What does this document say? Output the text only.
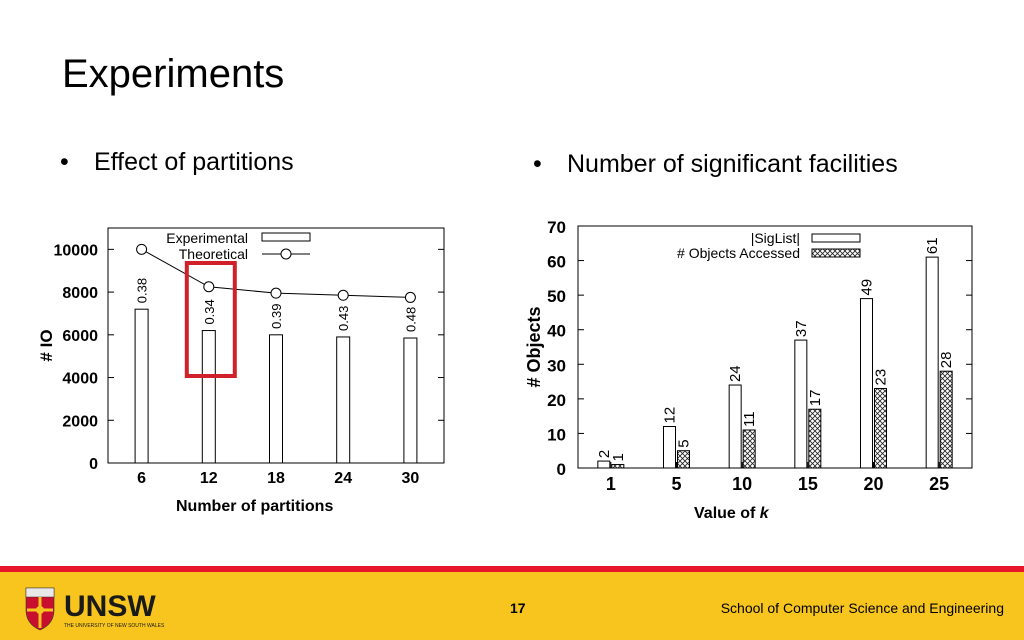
Experiments
•	Effect of partitions	•	Number of significant facilities
0
2000
4000
6000
8000
10000
6	12	18	24	30
0.38
0.34	0.39	0.43	0.48
Experimental
Theoretical
# IO
Number of partitions
0
10
20
30
40
50
60
70
1	5	10	15	20	25
2
1
12
5
24
11
37
17
49
23
61
28
|SigList|
# Objects Accessed
# Objects
Value of k
UNSW
THE UNIVERSITY OF NEW SOUTH WALES
17	School of Computer Science and Engineering
